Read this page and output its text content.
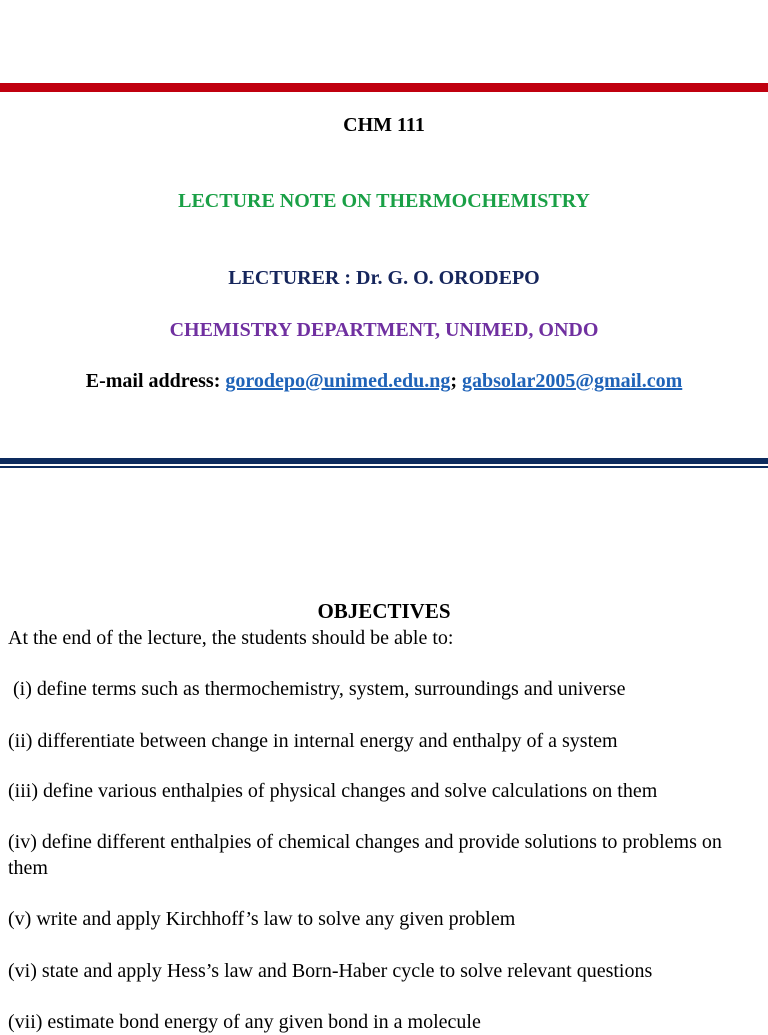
CHM 111
LECTURE NOTE ON THERMOCHEMISTRY
LECTURER : Dr. G. O. ORODEPO
CHEMISTRY DEPARTMENT, UNIMED, ONDO
E-mail address: gorodepo@unimed.edu.ng; gabsolar2005@gmail.com
OBJECTIVES
At the end of the lecture, the students should be able to:
(i) define terms such as thermochemistry, system, surroundings and universe
(ii) differentiate between change in internal energy and enthalpy of a system
(iii) define various enthalpies of physical changes and solve calculations on them
(iv) define different enthalpies of chemical changes and provide solutions to problems on them
(v) write and apply Kirchhoff’s law to solve any given problem
(vi) state and apply Hess’s law and Born-Haber cycle to solve relevant questions
(vii) estimate bond energy of any given bond in a molecule
